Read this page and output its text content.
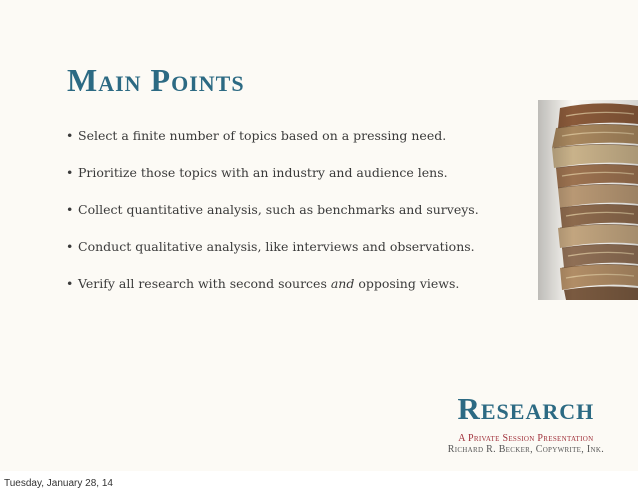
Main Points
• Select a finite number of topics based on a pressing need.
• Prioritize those topics with an industry and audience lens.
• Collect quantitative analysis, such as benchmarks and surveys.
• Conduct qualitative analysis, like interviews and observations.
• Verify all research with second sources and opposing views.
Research
A Private Session Presentation
Richard R. Becker, Copywrite, Ink.
Tuesday, January 28, 14
